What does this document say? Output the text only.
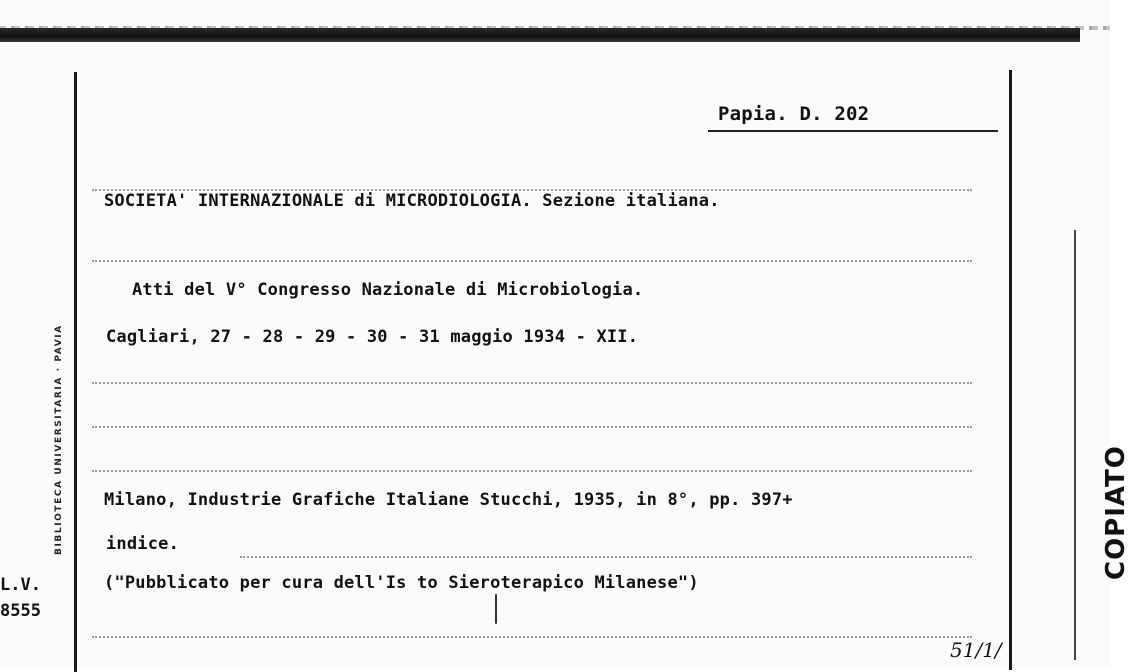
BIBLIOTECA UNIVERSITARIA · PAVIA	COPIATO
Papia. D. 202
SOCIETA' INTERNAZIONALE di MICRODIOLOGIA. Sezione italiana.
Atti del V° Congresso Nazionale di Microbiologia.
Cagliari, 27 - 28 - 29 - 30 - 31 maggio 1934 - XII.
Milano, Industrie Grafiche Italiane Stucchi, 1935, in 8°, pp. 397+
indice.
("Pubblicato per cura dell'Is to Sieroterapico Milanese")
L.V.
8555
51/1/
